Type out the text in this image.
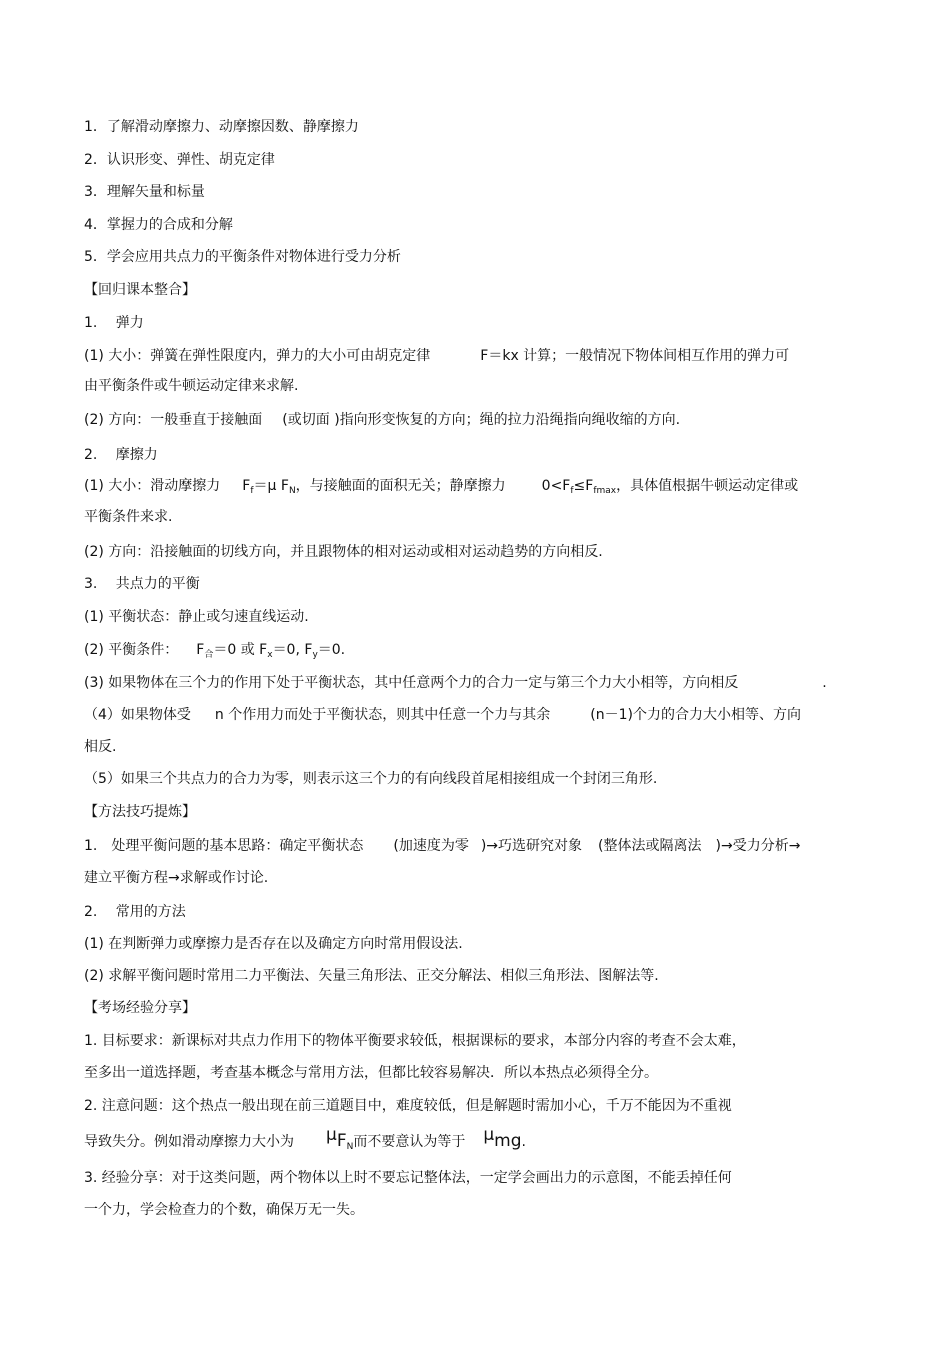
1．了解滑动摩擦力、动摩擦因数、静摩擦力
2．认识形变、弹性、胡克定律
3．理解矢量和标量
4．掌握力的合成和分解
5．学会应用共点力的平衡条件对物体进行受力分析
【回归课本整合】
1.　 弹力
(1) 大小：弹簧在弹性限度内，弹力的大小可由胡克定律	F＝kx 计算；一般情况下物体间相互作用的弹力可
由平衡条件或牛顿运动定律来求解.
(2) 方向：一般垂直于接触面 (或切面 )指向形变恢复的方向；绳的拉力沿绳指向绳收缩的方向.
2.　 摩擦力
(1) 大小：滑动摩擦力 $F_f=\mu$ $F_N$，与接触面的面积无关；静摩擦力	$0<F_f\le F_{fmax}$，具体值根据牛顿运动定律或
平衡条件来求.
(2) 方向：沿接触面的切线方向，并且跟物体的相对运动或相对运动趋势的方向相反.
3.　 共点力的平衡
(1) 平衡状态：静止或匀速直线运动.
(2) 平衡条件： $F_合=0$ 或 $F_x=0$, $F_y=0$.
(3) 如果物体在三个力的作用下处于平衡状态，其中任意两个力的合力一定与第三个力大小相等，方向相反	.
（4）如果物体受 n 个作用力而处于平衡状态，则其中任意一个力与其余	(n－1)个力的合力大小相等、方向
相反.
（5）如果三个共点力的合力为零，则表示这三个力的有向线段首尾相接组成一个封闭三角形.
【方法技巧提炼】
1.　处理平衡问题的基本思路：确定平衡状态 (加速度为零 )→巧选研究对象 (整体法或隔离法 )→受力分析→
建立平衡方程→求解或作讨论.
2.　 常用的方法
(1) 在判断弹力或摩擦力是否存在以及确定方向时常用假设法.
(2) 求解平衡问题时常用二力平衡法、矢量三角形法、正交分解法、相似三角形法、图解法等.
【考场经验分享】
1. 目标要求：新课标对共点力作用下的物体平衡要求较低，根据课标的要求，本部分内容的考查不会太难，
至多出一道选择题，考查基本概念与常用方法，但都比较容易解决．所以本热点必须得全分。
2. 注意问题：这个热点一般出现在前三道题目中，难度较低，但是解题时需加小心，千万不能因为不重视
导致失分。例如滑动摩擦力大小为 $\mu F_N$而不要意认为等于 μmg.
3. 经验分享：对于这类问题，两个物体以上时不要忘记整体法，一定学会画出力的示意图，不能丢掉任何
一个力，学会检查力的个数，确保万无一失。
